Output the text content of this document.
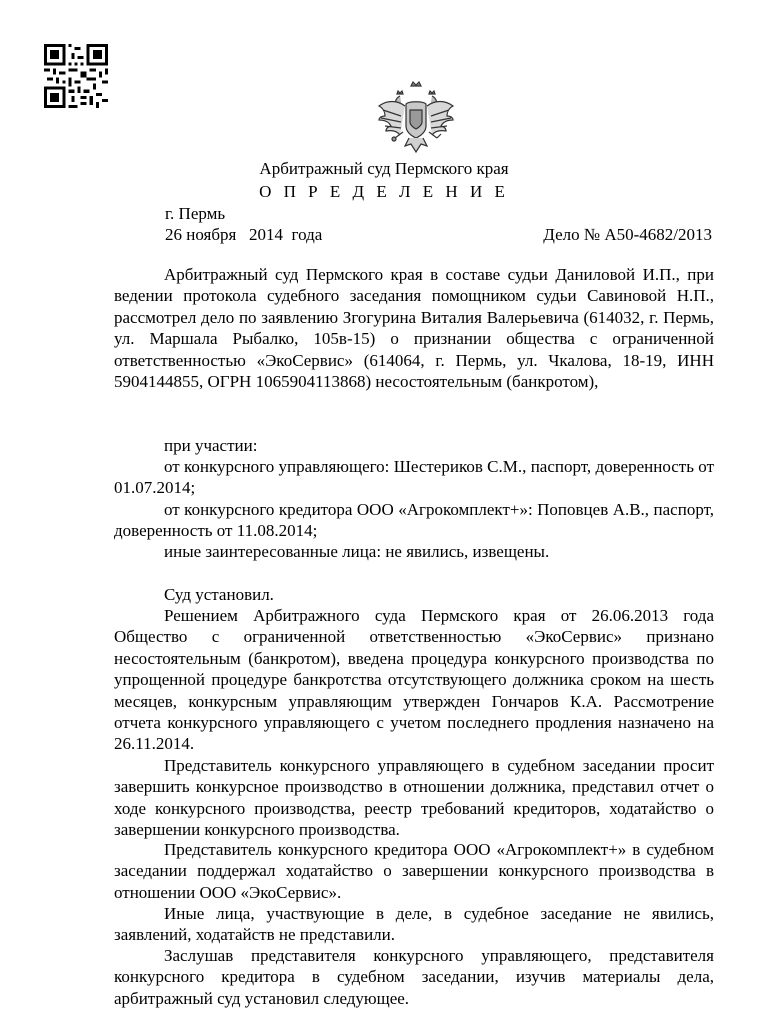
Арбитражный суд Пермского края
О П Р Е Д Е Л Е Н И Е
г. Пермь
26 ноября   2014  года	Дело № А50-4682/2013

Арбитражный суд Пермского края в составе судьи Даниловой И.П., при ведении протокола судебного заседания помощником судьи Савиновой Н.П., рассмотрел дело по заявлению Згогурина Виталия Валерьевича (614032, г. Пермь, ул. Маршала Рыбалко, 105в-15) о признании общества с ограниченной ответственностью «ЭкоСервис» (614064, г. Пермь, ул. Чкалова, 18-19, ИНН 5904144855, ОГРН 1065904113868) несостоятельным (банкротом),

при участии:

от конкурсного управляющего: Шестериков С.М., паспорт, доверенность от 01.07.2014;

от конкурсного кредитора ООО «Агрокомплект+»: Поповцев А.В., паспорт, доверенность от 11.08.2014;

иные заинтересованные лица: не явились, извещены.

Суд установил.

Решением Арбитражного суда Пермского края от 26.06.2013 года Общество с ограниченной ответственностью «ЭкоСервис» признано несостоятельным (банкротом), введена процедура конкурсного производства по упрощенной процедуре банкротства отсутствующего должника сроком на шесть месяцев, конкурсным управляющим утвержден Гончаров К.А. Рассмотрение отчета конкурсного управляющего с учетом последнего продления назначено на 26.11.2014.

Представитель конкурсного управляющего в судебном заседании просит завершить конкурсное производство в отношении должника, представил отчет о ходе конкурсного производства, реестр требований кредиторов, ходатайство о завершении конкурсного производства.

Представитель конкурсного кредитора ООО «Агрокомплект+» в судебном заседании поддержал ходатайство о завершении конкурсного производства в отношении ООО «ЭкоСервис».

Иные лица, участвующие в деле, в судебное заседание не явились, заявлений, ходатайств не представили.

Заслушав представителя конкурсного управляющего, представителя конкурсного кредитора в судебном заседании, изучив материалы дела, арбитражный суд установил следующее.
